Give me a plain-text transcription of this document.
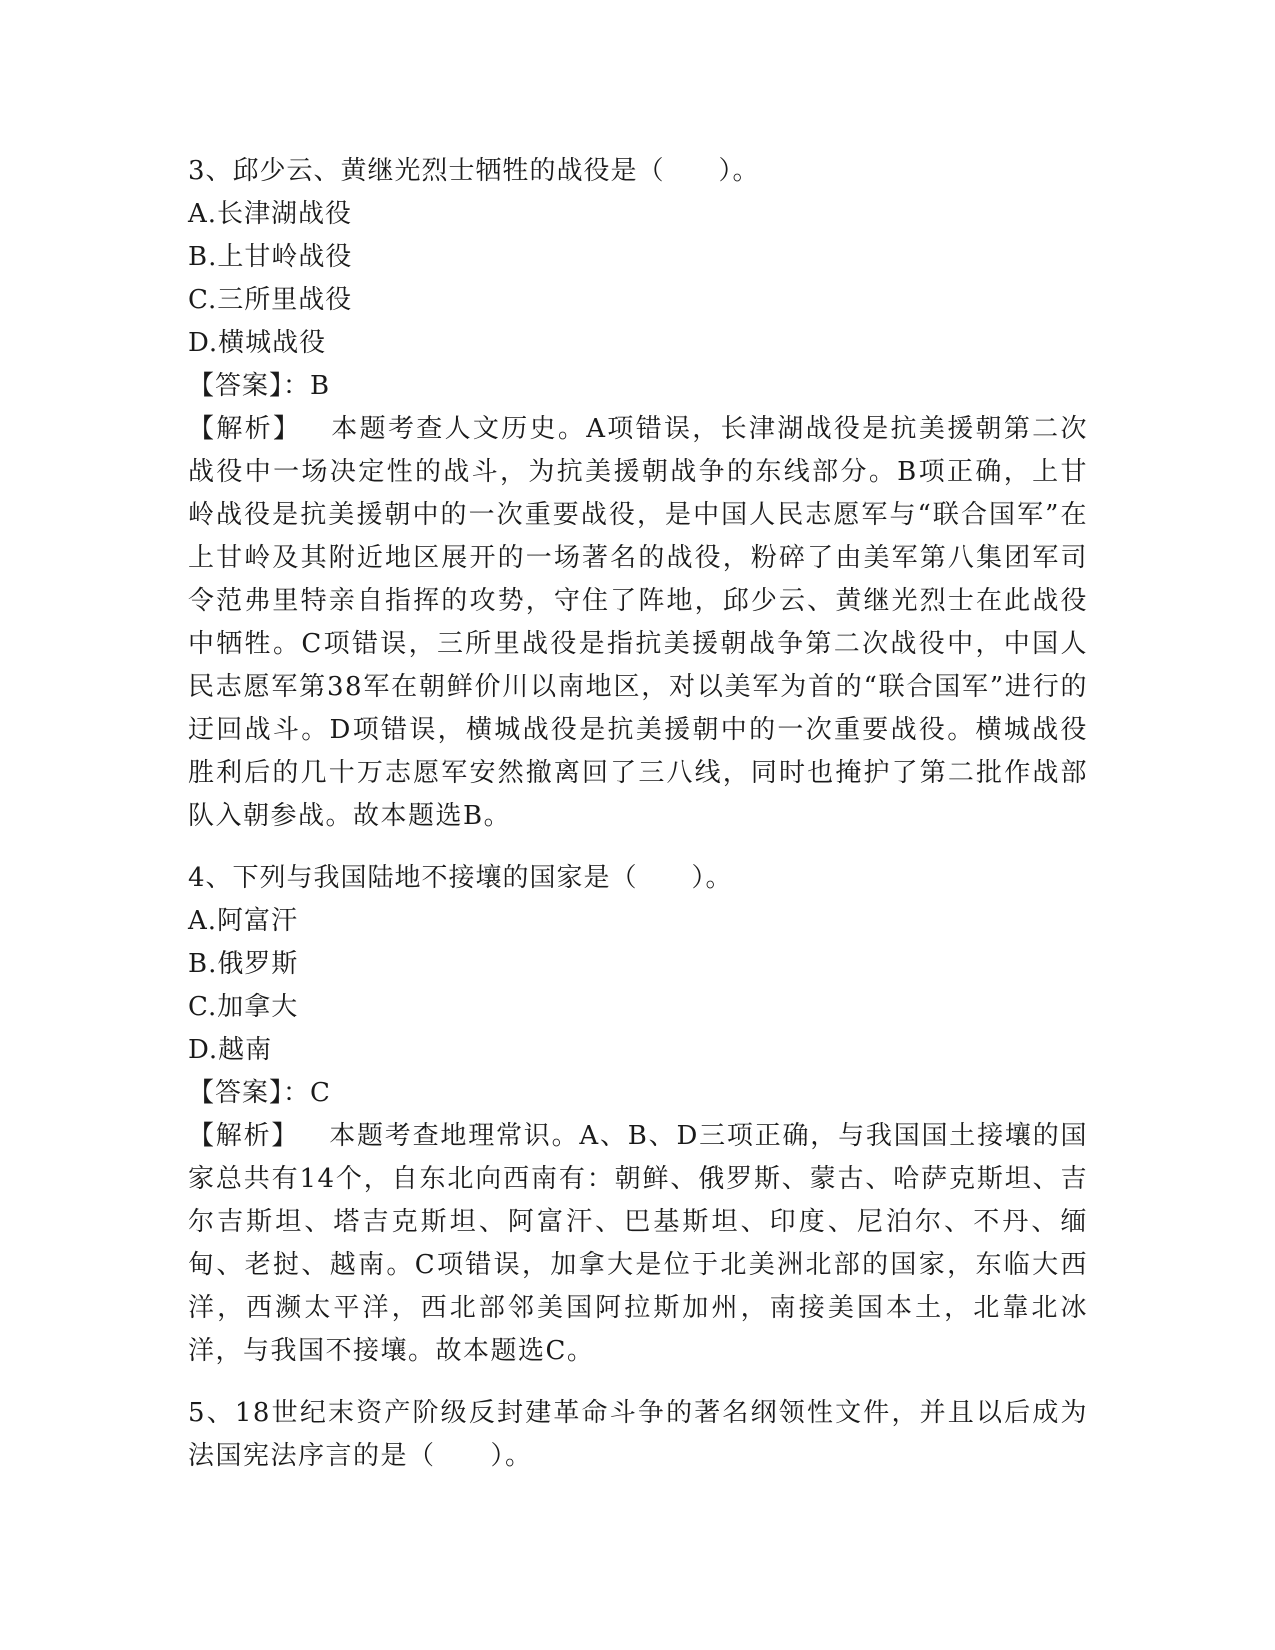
3、邱少云、黄继光烈士牺牲的战役是（　　）。
A.长津湖战役
B.上甘岭战役
C.三所里战役
D.横城战役
【答案】：B
【解析】 本题考查人文历史。A项错误，长津湖战役是抗美援朝第二次战役中一场决定性的战斗，为抗美援朝战争的东线部分。B项正确，上甘岭战役是抗美援朝中的一次重要战役，是中国人民志愿军与“联合国军”在上甘岭及其附近地区展开的一场著名的战役，粉碎了由美军第八集团军司令范弗里特亲自指挥的攻势，守住了阵地，邱少云、黄继光烈士在此战役中牺牲。C项错误，三所里战役是指抗美援朝战争第二次战役中，中国人民志愿军第38军在朝鲜价川以南地区，对以美军为首的“联合国军”进行的迂回战斗。D项错误，横城战役是抗美援朝中的一次重要战役。横城战役胜利后的几十万志愿军安然撤离回了三八线，同时也掩护了第二批作战部队入朝参战。故本题选B。
4、下列与我国陆地不接壤的国家是（　　）。
A.阿富汗
B.俄罗斯
C.加拿大
D.越南
【答案】：C
【解析】 本题考查地理常识。A、B、D三项正确，与我国国土接壤的国家总共有14个，自东北向西南有：朝鲜、俄罗斯、蒙古、哈萨克斯坦、吉尔吉斯坦、塔吉克斯坦、阿富汗、巴基斯坦、印度、尼泊尔、不丹、缅甸、老挝、越南。C项错误，加拿大是位于北美洲北部的国家，东临大西洋，西濒太平洋，西北部邻美国阿拉斯加州，南接美国本土，北靠北冰洋，与我国不接壤。故本题选C。
5、18世纪末资产阶级反封建革命斗争的著名纲领性文件，并且以后成为法国宪法序言的是（　　）。
